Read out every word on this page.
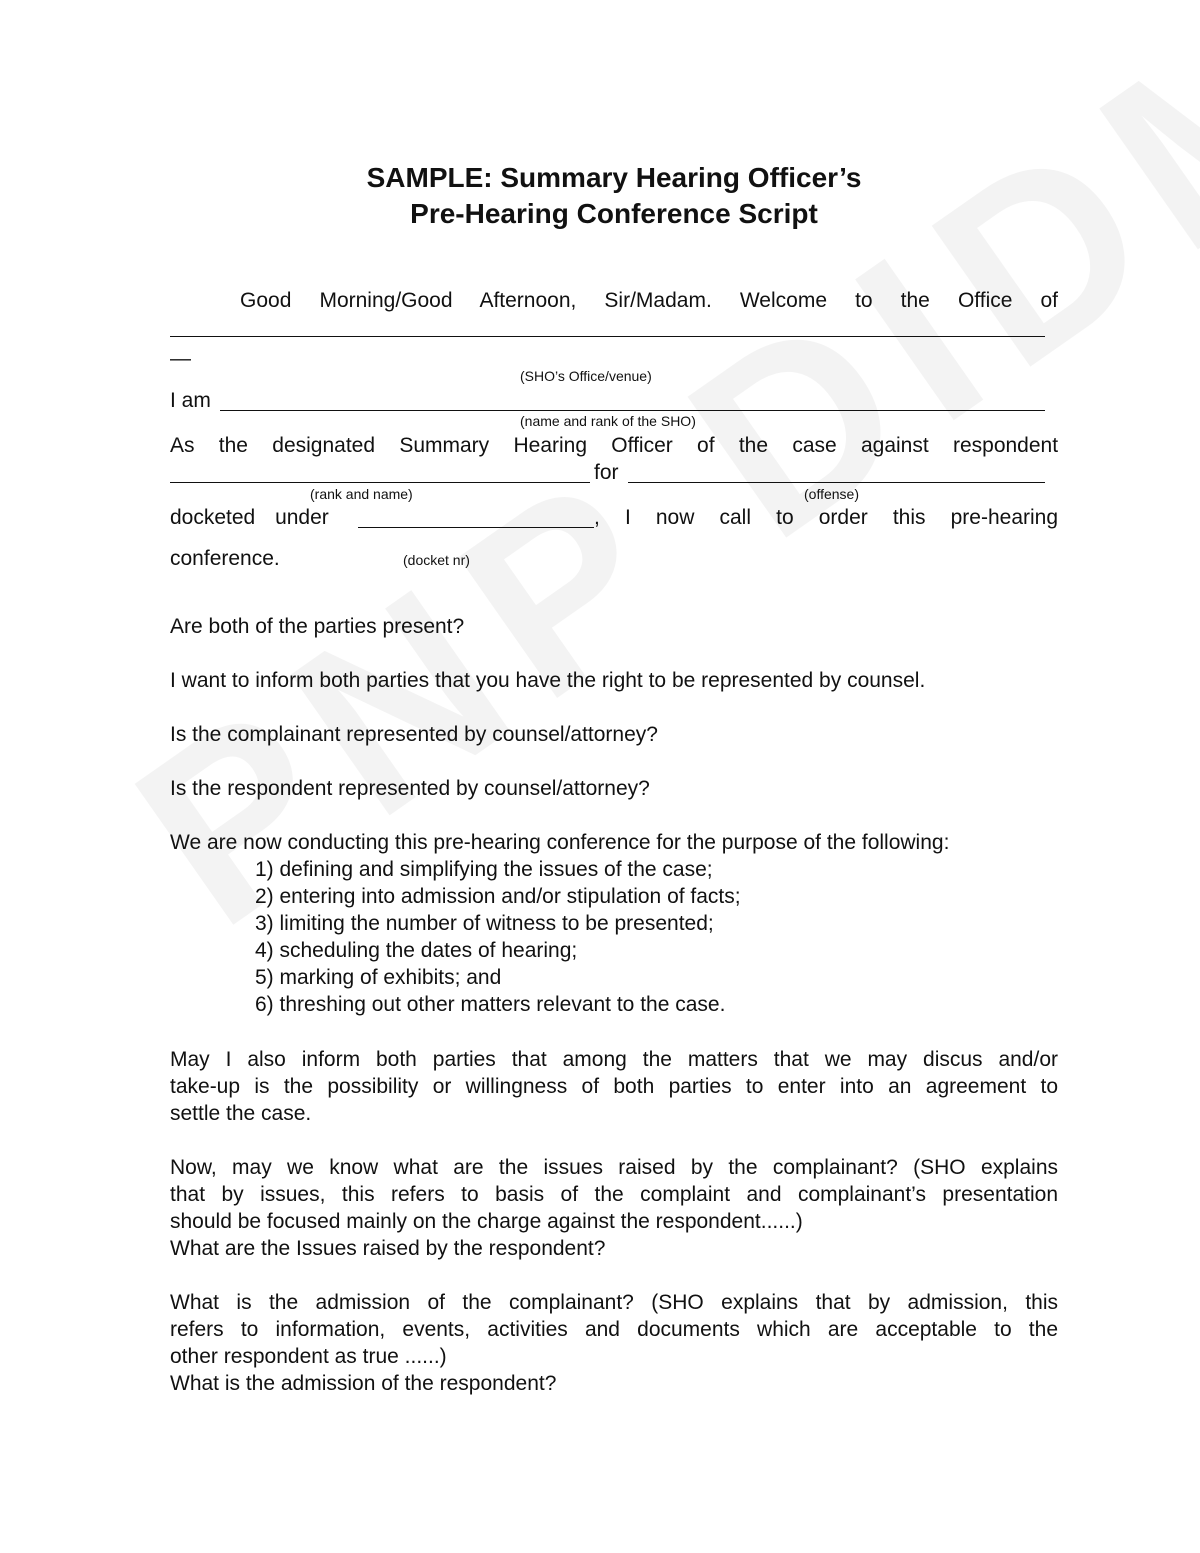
SAMPLE: Summary Hearing Officer’s
Pre-Hearing Conference Script
Good Morning/Good Afternoon, Sir/Madam. Welcome to the Office of
—
(SHO’s Office/venue)
I am
(name and rank of the SHO)
As the designated Summary Hearing Officer of the case against respondent
for
(rank and name)	(offense)
docketed under	, I now call to order this pre-hearing
conference.	(docket nr)
Are both of the parties present?
I want to inform both parties that you have the right to be represented by counsel.
Is the complainant represented by counsel/attorney?
Is the respondent represented by counsel/attorney?
We are now conducting this pre-hearing conference for the purpose of the following:
1) defining and simplifying the issues of the case;
2) entering into admission and/or stipulation of facts;
3) limiting the number of witness to be presented;
4) scheduling the dates of hearing;
5) marking of exhibits; and
6) threshing out other matters relevant to the case.
May I also inform both parties that among the matters that we may discus and/or
take-up is the possibility or willingness of both parties to enter into an agreement to
settle the case.
Now, may we know what are the issues raised by the complainant? (SHO explains
that by issues, this refers to basis of the complaint and complainant’s presentation
should be focused mainly on the charge against the respondent......)
What are the Issues raised by the respondent?
What is the admission of the complainant? (SHO explains that by admission, this
refers to information, events, activities and documents which are acceptable to the
other respondent as true ......)
What is the admission of the respondent?
